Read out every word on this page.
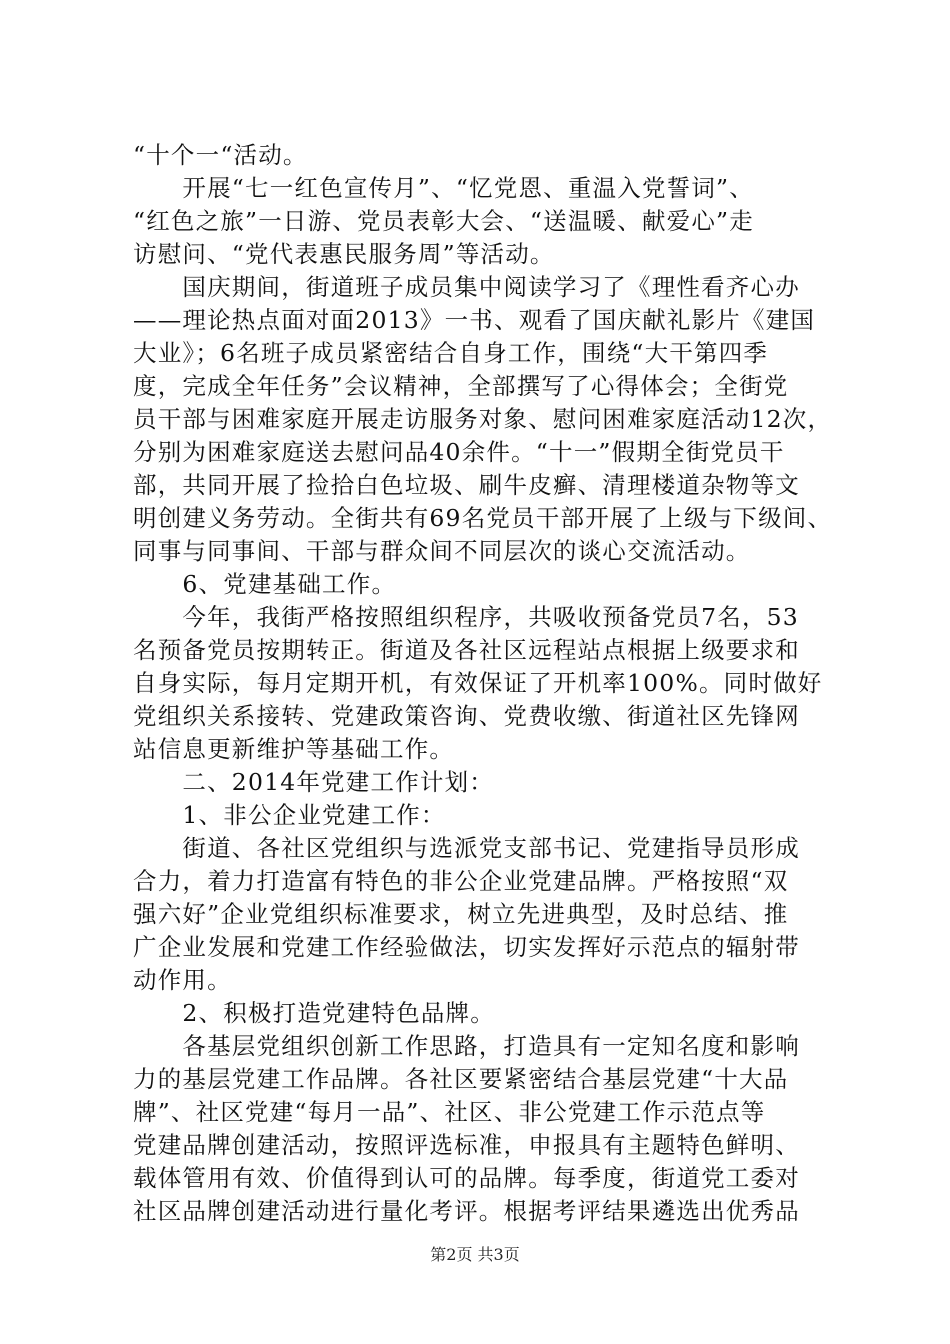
“十个一“活动。
　　开展“七一红色宣传月”、“忆党恩、重温入党誓词”、
“红色之旅”一日游、党员表彰大会、“送温暖、献爱心”走
访慰问、“党代表惠民服务周”等活动。
　　国庆期间，街道班子成员集中阅读学习了《理性看齐心办
——理论热点面对面2013》一书、观看了国庆献礼影片《建国
大业》；6名班子成员紧密结合自身工作，围绕“大干第四季
度，完成全年任务”会议精神，全部撰写了心得体会；全街党
员干部与困难家庭开展走访服务对象、慰问困难家庭活动12次，
分别为困难家庭送去慰问品40余件。“十一”假期全街党员干
部，共同开展了捡拾白色垃圾、刷牛皮癣、清理楼道杂物等文
明创建义务劳动。全街共有69名党员干部开展了上级与下级间、
同事与同事间、干部与群众间不同层次的谈心交流活动。
　　6、党建基础工作。
　　今年，我街严格按照组织程序，共吸收预备党员7名，53
名预备党员按期转正。街道及各社区远程站点根据上级要求和
自身实际，每月定期开机，有效保证了开机率100%。同时做好
党组织关系接转、党建政策咨询、党费收缴、街道社区先锋网
站信息更新维护等基础工作。
　　二、2014年党建工作计划：
　　1、非公企业党建工作：
　　街道、各社区党组织与选派党支部书记、党建指导员形成
合力，着力打造富有特色的非公企业党建品牌。严格按照“双
强六好”企业党组织标准要求，树立先进典型，及时总结、推
广企业发展和党建工作经验做法，切实发挥好示范点的辐射带
动作用。
　　2、积极打造党建特色品牌。
　　各基层党组织创新工作思路，打造具有一定知名度和影响
力的基层党建工作品牌。各社区要紧密结合基层党建“十大品
牌”、社区党建“每月一品”、社区、非公党建工作示范点等
党建品牌创建活动，按照评选标准，申报具有主题特色鲜明、
载体管用有效、价值得到认可的品牌。每季度，街道党工委对
社区品牌创建活动进行量化考评。根据考评结果遴选出优秀品
第2页 共3页
